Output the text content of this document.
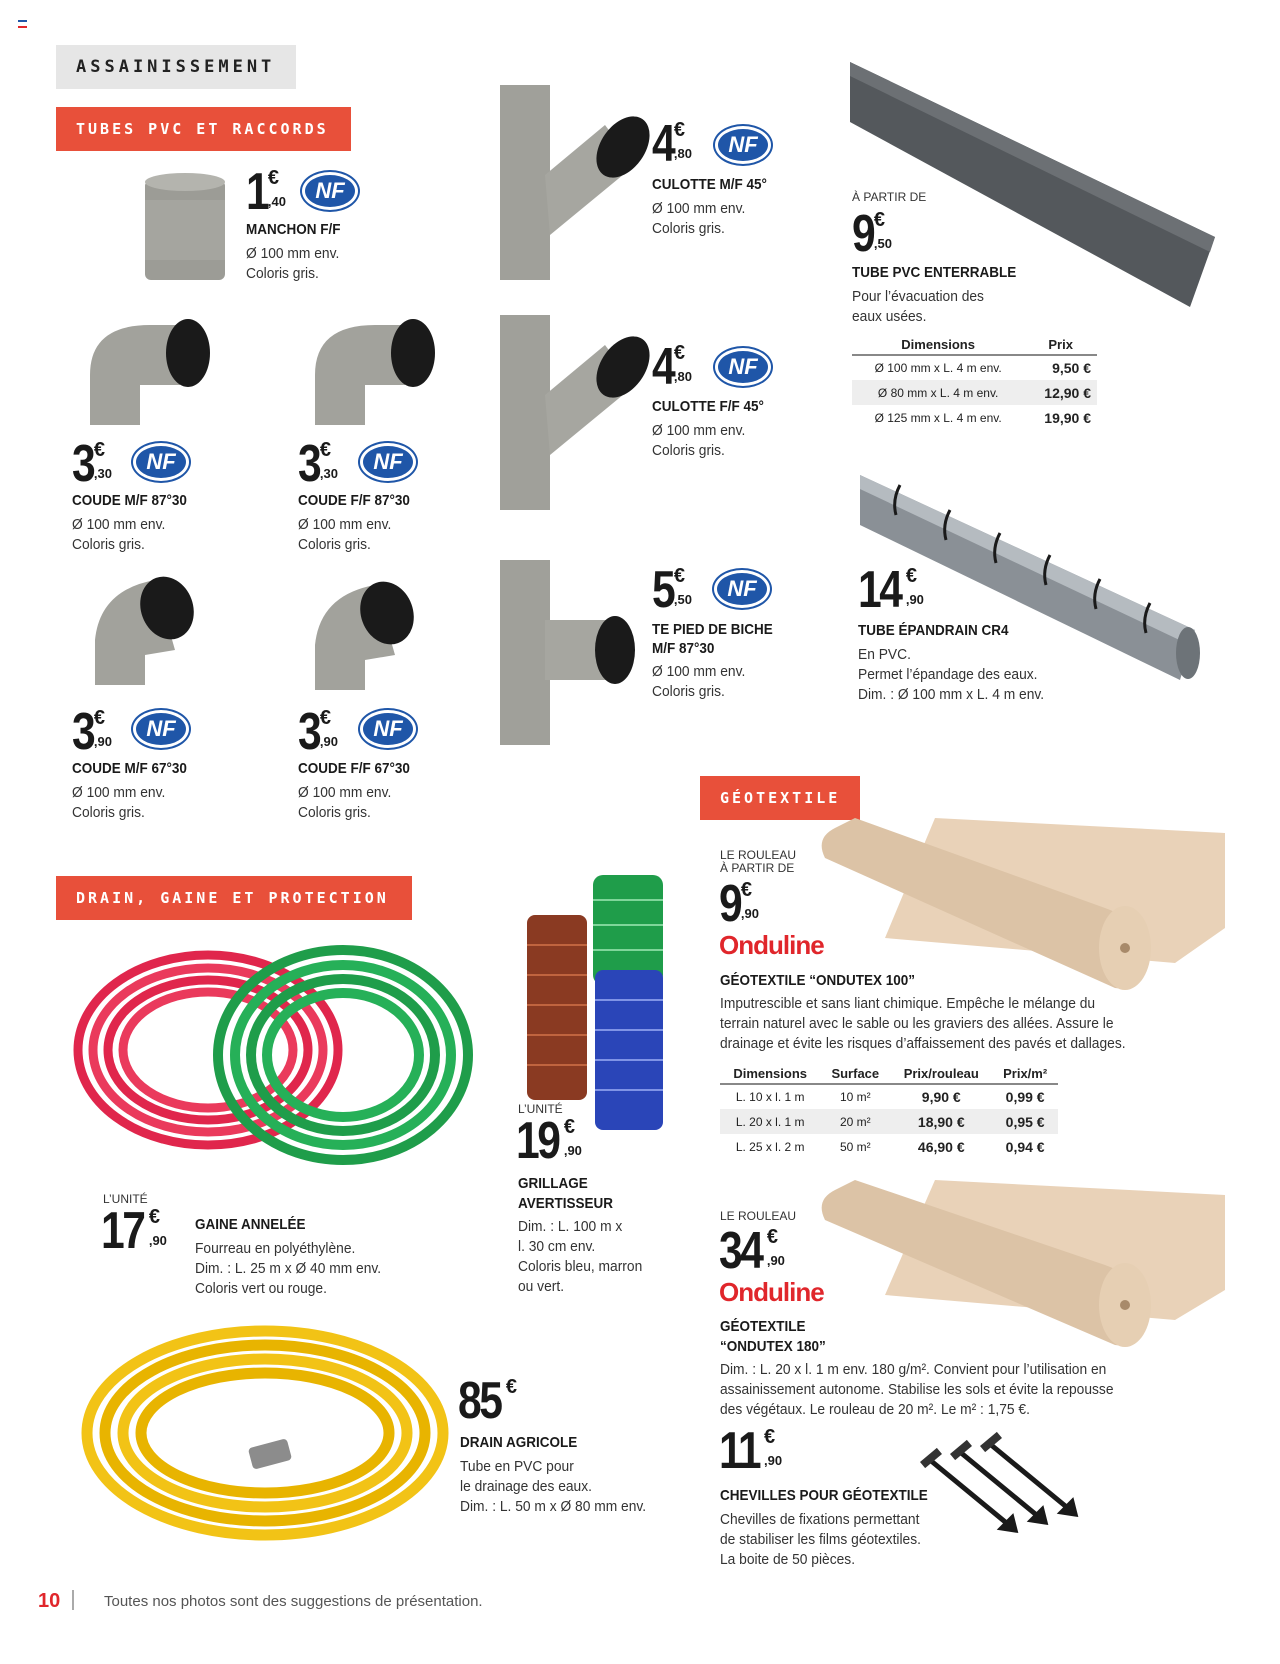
ASSAINISSEMENT
TUBES PVC ET RACCORDS
1 €
,40	NF
MANCHON F/F
Ø 100 mm env.
Coloris gris.
3 €
,30	NF
COUDE M/F 87°30
Ø 100 mm env.
Coloris gris.
3 €
,30	NF
COUDE F/F 87°30
Ø 100 mm env.
Coloris gris.
3 €
,90
NF
COUDE M/F 67°30
Ø 100 mm env.
Coloris gris.
3 €
,90
NF
COUDE F/F 67°30
Ø 100 mm env.
Coloris gris.
4 €
,80	NF
CULOTTE M/F 45°
Ø 100 mm env.
Coloris gris.
4 €
,80	NF
CULOTTE F/F 45°
Ø 100 mm env.
Coloris gris.
5 €
,50	NF
TE PIED DE BICHE
M/F 87°30
Ø 100 mm env.
Coloris gris.
À PARTIR DE
9 €
,50
TUBE PVC ENTERRABLE
Pour l’évacuation des
eaux usées.
Dimensions	Prix
Ø 100 mm x L. 4 m env.	9,50 €
Ø 80 mm x L. 4 m env.	12,90 €
Ø 125 mm x L. 4 m env.	19,90 €
14 €
,90
TUBE ÉPANDRAIN CR4
En PVC.
Permet l’épandage des eaux.
Dim. : Ø 100 mm x L. 4 m env.
DRAIN, GAINE ET PROTECTION
L’UNITÉ
17 €
,90
GAINE ANNELÉE
Fourreau en polyéthylène.
Dim. : L. 25 m x Ø 40 mm env.
Coloris vert ou rouge.
L’UNITÉ
19 €
,90
GRILLAGE
AVERTISSEUR
Dim. : L. 100 m x
l. 30 cm env.
Coloris bleu, marron
ou vert.
85 €
DRAIN AGRICOLE
Tube en PVC pour
le drainage des eaux.
Dim. : L. 50 m x Ø 80 mm env.
GÉOTEXTILE
LE ROULEAU
À PARTIR DE
9 €
,90
Onduline
GÉOTEXTILE “ONDUTEX 100”
Imputrescible et sans liant chimique. Empêche le mélange du
terrain naturel avec le sable ou les graviers des allées. Assure le
drainage et évite les risques d’affaissement des pavés et dallages.
Dimensions	Surface	Prix/rouleau	Prix/m²
L. 10 x l. 1 m	10 m²	9,90 €	0,99 €
L. 20 x l. 1 m	20 m²	18,90 €	0,95 €
L. 25 x l. 2 m	50 m²	46,90 €	0,94 €
LE ROULEAU
34 €
,90
Onduline
GÉOTEXTILE
“ONDUTEX 180”
Dim. : L. 20 x l. 1 m env. 180 g/m². Convient pour l’utilisation en
assainissement autonome. Stabilise les sols et évite la repousse
des végétaux. Le rouleau de 20 m². Le m² : 1,75 €.
11 €
,90
CHEVILLES POUR GÉOTEXTILE
Chevilles de fixations permettant
de stabiliser les films géotextiles.
La boite de 50 pièces.
10	Toutes nos photos sont des suggestions de présentation.
